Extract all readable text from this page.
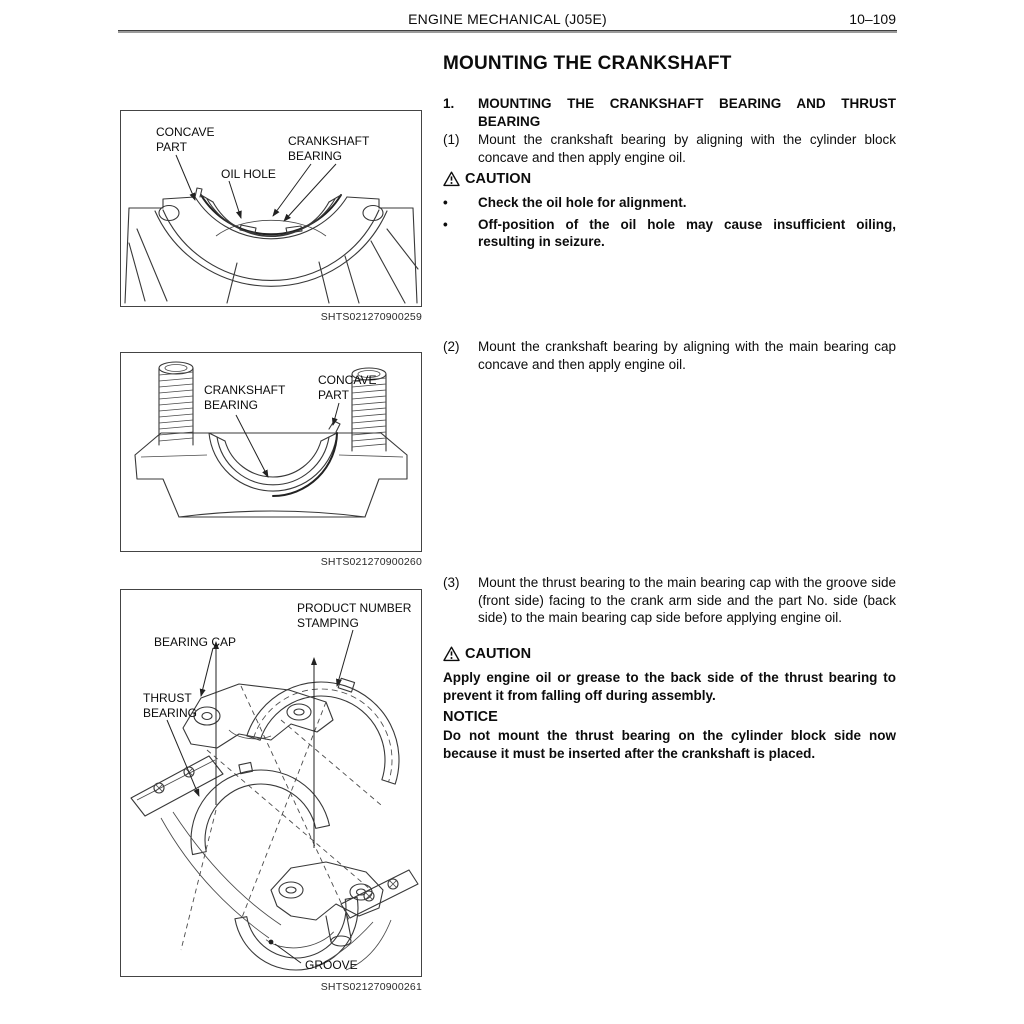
ENGINE MECHANICAL (J05E)	10–109
MOUNTING THE CRANKSHAFT
1.	MOUNTING THE CRANKSHAFT BEARING AND THRUST BEARING
(1)	Mount the crankshaft bearing by aligning with the cylinder block concave and then apply engine oil.
CAUTION
•	Check the oil hole for alignment.
•	Off-position of the oil hole may cause insufficient oiling, resulting in seizure.
(2)	Mount the crankshaft bearing by aligning with the main bearing cap concave and then apply engine oil.
(3)	Mount the thrust bearing to the main bearing cap with the groove side (front side) facing to the crank arm side and the part No. side (back side) to the main bearing cap side before applying engine oil.
CAUTION
Apply engine oil or grease to the back side of the thrust bearing to prevent it from falling off during assembly.
NOTICE
Do not mount the thrust bearing on the cylinder block side now because it must be inserted after the crankshaft is placed.
CONCAVE
PART	CRANKSHAFT
BEARING
OIL HOLE
SHTS021270900259
CRANKSHAFT
BEARING
CONCAVE
PART
SHTS021270900260
PRODUCT NUMBER
STAMPING
BEARING CAP
THRUST
BEARING
GROOVE
SHTS021270900261
